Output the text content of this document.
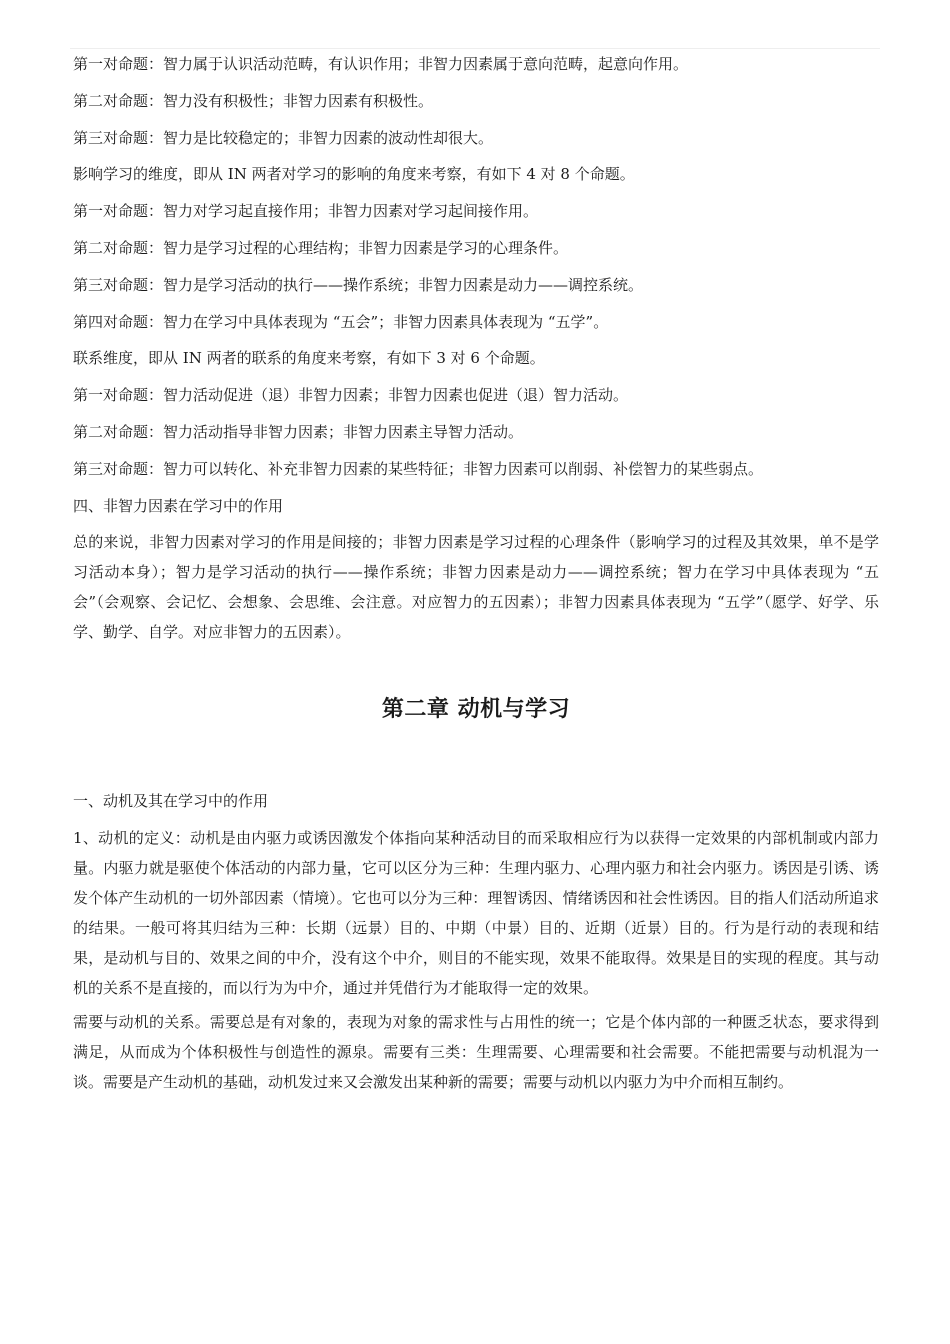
第一对命题：智力属于认识活动范畴，有认识作用；非智力因素属于意向范畴，起意向作用。

第二对命题：智力没有积极性；非智力因素有积极性。

第三对命题：智力是比较稳定的；非智力因素的波动性却很大。

影响学习的维度，即从 IN 两者对学习的影响的角度来考察，有如下 4 对 8 个命题。

第一对命题：智力对学习起直接作用；非智力因素对学习起间接作用。

第二对命题：智力是学习过程的心理结构；非智力因素是学习的心理条件。

第三对命题：智力是学习活动的执行——操作系统；非智力因素是动力——调控系统。

第四对命题：智力在学习中具体表现为 “五会”；非智力因素具体表现为 “五学”。

联系维度，即从 IN 两者的联系的角度来考察，有如下 3 对 6 个命题。

第一对命题：智力活动促进（退）非智力因素；非智力因素也促进（退）智力活动。

第二对命题：智力活动指导非智力因素；非智力因素主导智力活动。

第三对命题：智力可以转化、补充非智力因素的某些特征；非智力因素可以削弱、补偿智力的某些弱点。

四、非智力因素在学习中的作用

总的来说，非智力因素对学习的作用是间接的；非智力因素是学习过程的心理条件（影响学习的过程及其效果，单不是学习活动本身）；智力是学习活动的执行——操作系统；非智力因素是动力——调控系统；智力在学习中具体表现为 “五会”（会观察、会记忆、会想象、会思维、会注意。对应智力的五因素）；非智力因素具体表现为 “五学”（愿学、好学、乐学、勤学、自学。对应非智力的五因素）。

第二章 动机与学习

一、动机及其在学习中的作用

1、动机的定义：动机是由内驱力或诱因激发个体指向某种活动目的而采取相应行为以获得一定效果的内部机制或内部力量。内驱力就是驱使个体活动的内部力量，它可以区分为三种：生理内驱力、心理内驱力和社会内驱力。诱因是引诱、诱发个体产生动机的一切外部因素（情境）。它也可以分为三种：理智诱因、情绪诱因和社会性诱因。目的指人们活动所追求的结果。一般可将其归结为三种：长期（远景）目的、中期（中景）目的、近期（近景）目的。行为是行动的表现和结果，是动机与目的、效果之间的中介，没有这个中介，则目的不能实现，效果不能取得。效果是目的实现的程度。其与动机的关系不是直接的，而以行为为中介，通过并凭借行为才能取得一定的效果。

需要与动机的关系。需要总是有对象的，表现为对象的需求性与占用性的统一；它是个体内部的一种匮乏状态，要求得到满足，从而成为个体积极性与创造性的源泉。需要有三类：生理需要、心理需要和社会需要。不能把需要与动机混为一谈。需要是产生动机的基础，动机发过来又会激发出某种新的需要；需要与动机以内驱力为中介而相互制约。
